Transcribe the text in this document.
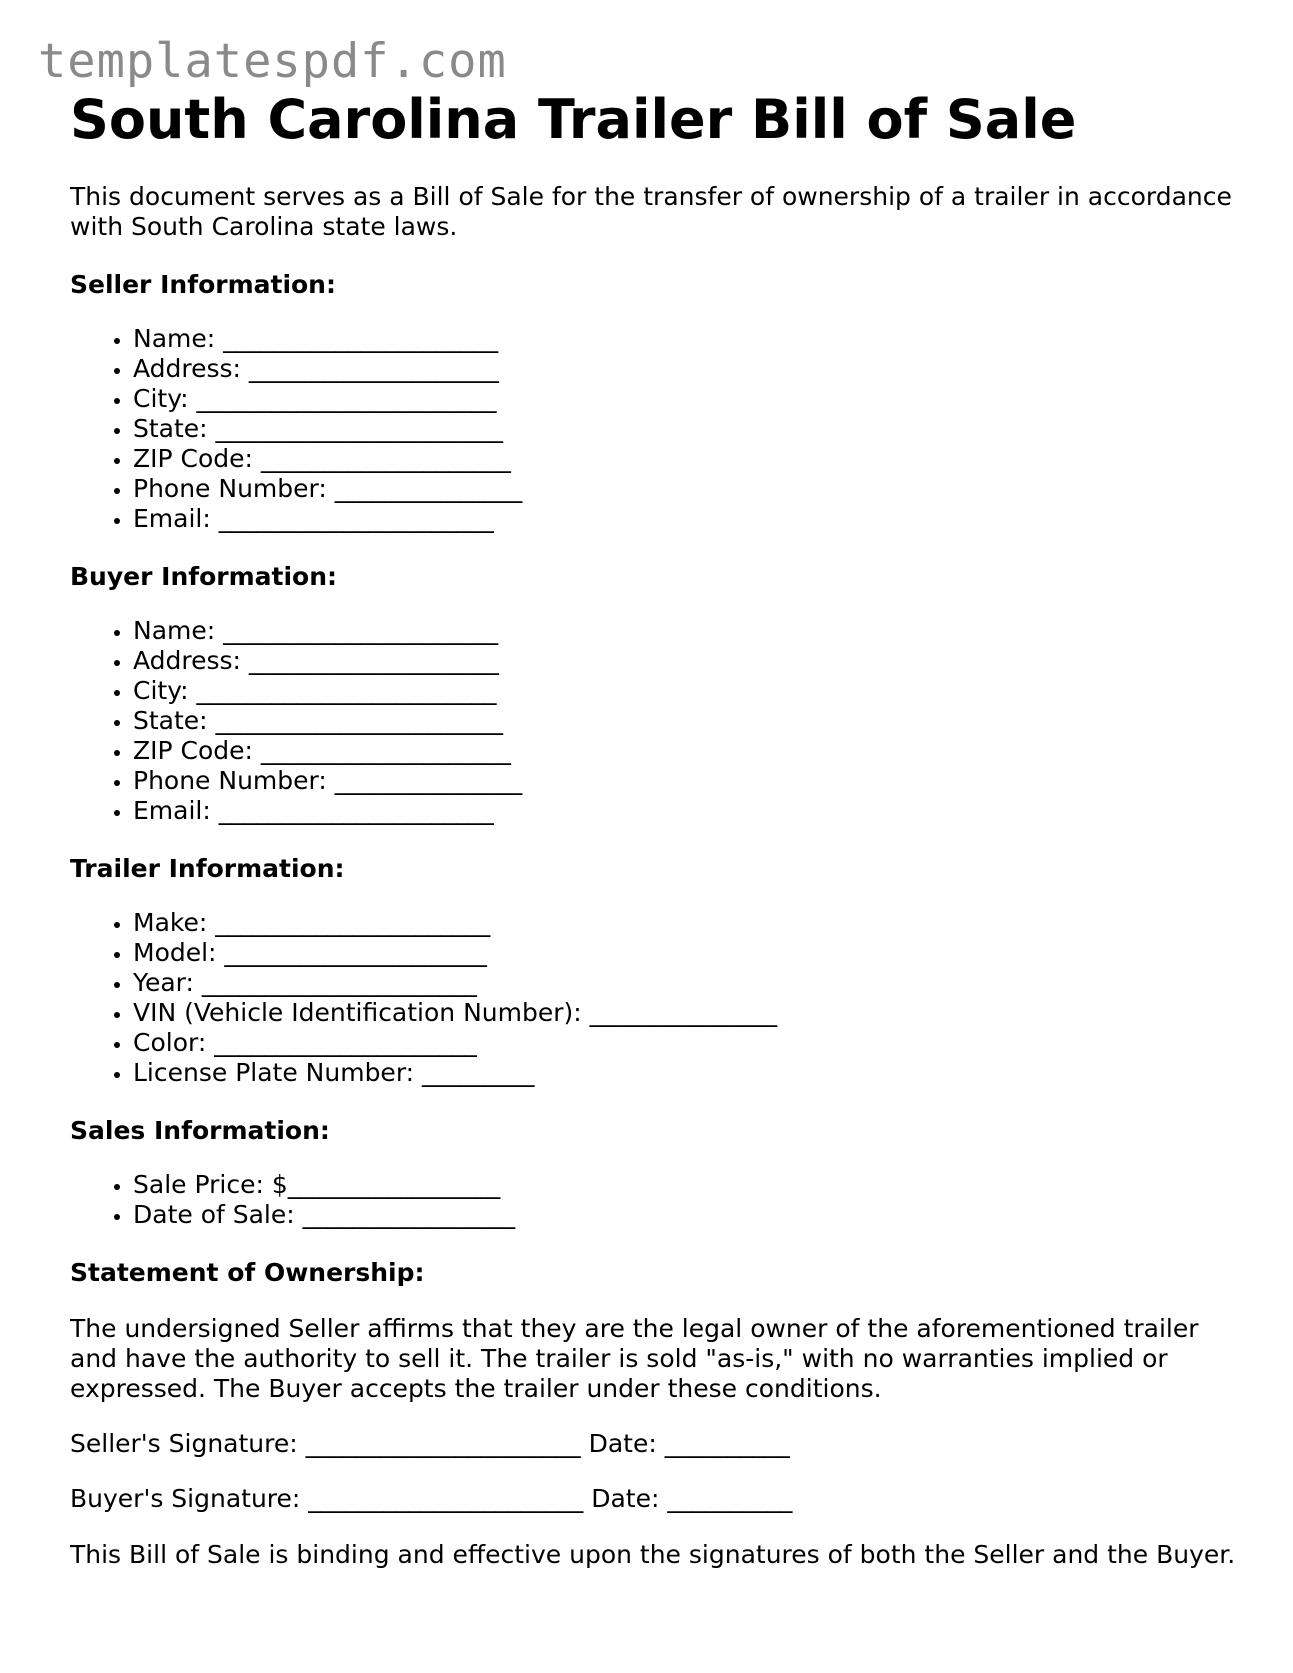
templatespdf.com
South Carolina Trailer Bill of Sale

This document serves as a Bill of Sale for the transfer of ownership of a trailer in accordance with South Carolina state laws.

Seller Information:
• Name: ______________________
• Address: ____________________
• City: ________________________
• State: _______________________
• ZIP Code: ____________________
• Phone Number: _______________
• Email: ______________________
Buyer Information:
• Name: ______________________
• Address: ____________________
• City: ________________________
• State: _______________________
• ZIP Code: ____________________
• Phone Number: _______________
• Email: ______________________
Trailer Information:
• Make: ______________________
• Model: _____________________
• Year: ______________________
• VIN (Vehicle Identification Number): _______________
• Color: _____________________
• License Plate Number: _________
Sales Information:
• Sale Price: $_________________
• Date of Sale: _________________
Statement of Ownership:

The undersigned Seller affirms that they are the legal owner of the aforementioned trailer and have the authority to sell it. The trailer is sold "as-is," with no warranties implied or expressed. The Buyer accepts the trailer under these conditions.

Seller's Signature: ______________________ Date: __________
Buyer's Signature: ______________________ Date: __________

This Bill of Sale is binding and effective upon the signatures of both the Seller and the Buyer.
